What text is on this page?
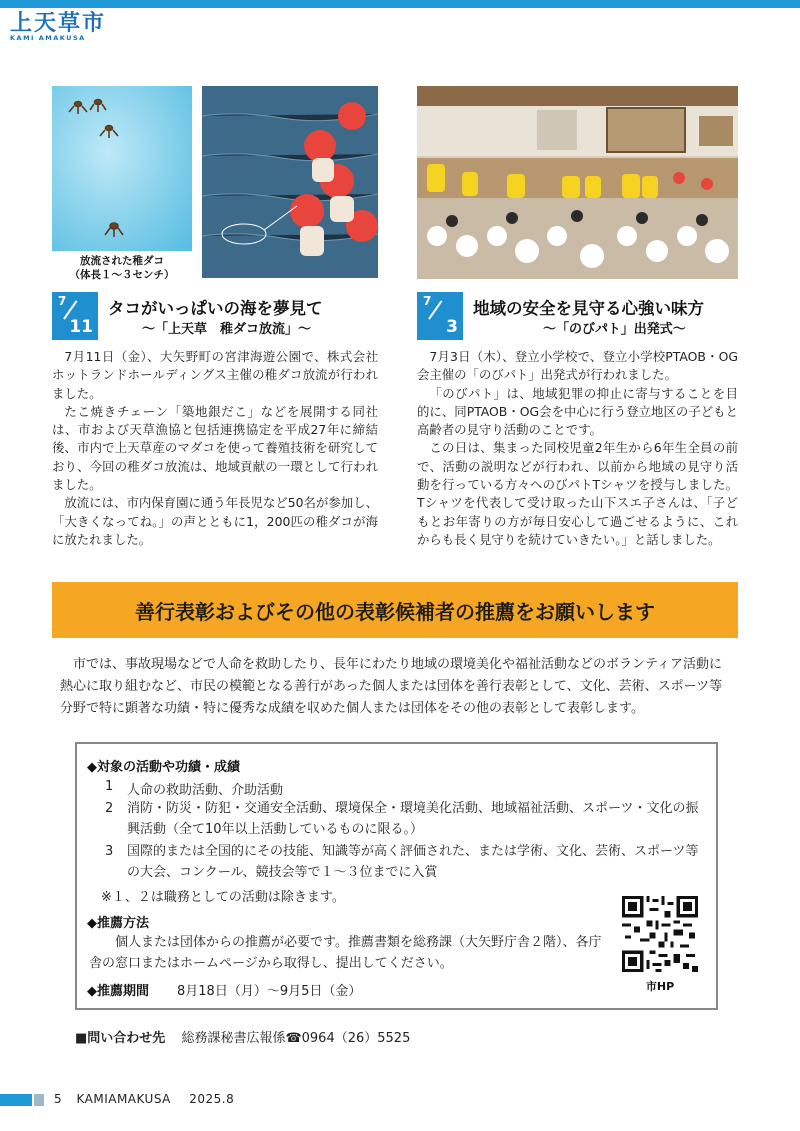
上天草市
KAMI AMAKUSA
放流された稚ダコ
（体長１～３センチ）
7
11
タコがいっぱいの海を夢見て
～「上天草　稚ダコ放流」～

7月11日（金）、大矢野町の宮津海遊公園で、株式会社ホットランドホールディングス主催の稚ダコ放流が行われました。

たこ焼きチェーン「築地銀だこ」などを展開する同社は、市および天草漁協と包括連携協定を平成27年に締結後、市内で上天草産のマダコを使って養殖技術を研究しており、今回の稚ダコ放流は、地域貢献の一環として行われました。

放流には、市内保育園に通う年長児など50名が参加し、「大きくなってね。」の声とともに1，200匹の稚ダコが海に放たれました。

7
3
地域の安全を見守る心強い味方
～「のびパト」出発式～

7月3日（木）、登立小学校で、登立小学校PTAOB・OG会主催の「のびパト」出発式が行われました。

「のびパト」は、地域犯罪の抑止に寄与することを目的に、同PTAOB・OG会を中心に行う登立地区の子どもと高齢者の見守り活動のことです。

この日は、集まった同校児童2年生から6年生全員の前で、活動の説明などが行われ、以前から地域の見守り活動を行っている方々へのびパトTシャツを授与しました。Tシャツを代表して受け取った山下スエ子さんは、「子どもとお年寄りの方が毎日安心して過ごせるように、これからも長く見守りを続けていきたい。」と話しました。

善行表彰およびその他の表彰候補者の推薦をお願いします

市では、事故現場などで人命を救助したり、長年にわたり地域の環境美化や福祉活動などのボランティア活動に熱心に取り組むなど、市民の模範となる善行があった個人または団体を善行表彰として、文化、芸術、スポーツ等分野で特に顕著な功績・特に優秀な成績を収めた個人または団体をその他の表彰として表彰します。

◆対象の活動や功績・成績
1 人命の救助活動、介助活動
2 消防・防災・防犯・交通安全活動、環境保全・環境美化活動、地域福祉活動、スポーツ・文化の振興活動（全て10年以上活動しているものに限る。）
3 国際的または全国的にその技能、知識等が高く評価された、または学術、文化、芸術、スポーツ等の大会、コンクール、競技会等で１～３位までに入賞
※１、２は職務としての活動は除きます。
◆推薦方法
個人または団体からの推薦が必要です。推薦書類を総務課（大矢野庁舎２階）、各庁舎の窓口またはホームページから取得し、提出してください。
◆推薦期間 8月18日（月）～9月5日（金）	市HP
■問い合わせ先 総務課秘書広報係☎0964（26）5525
5 KAMIAMAKUSA 2025.8
